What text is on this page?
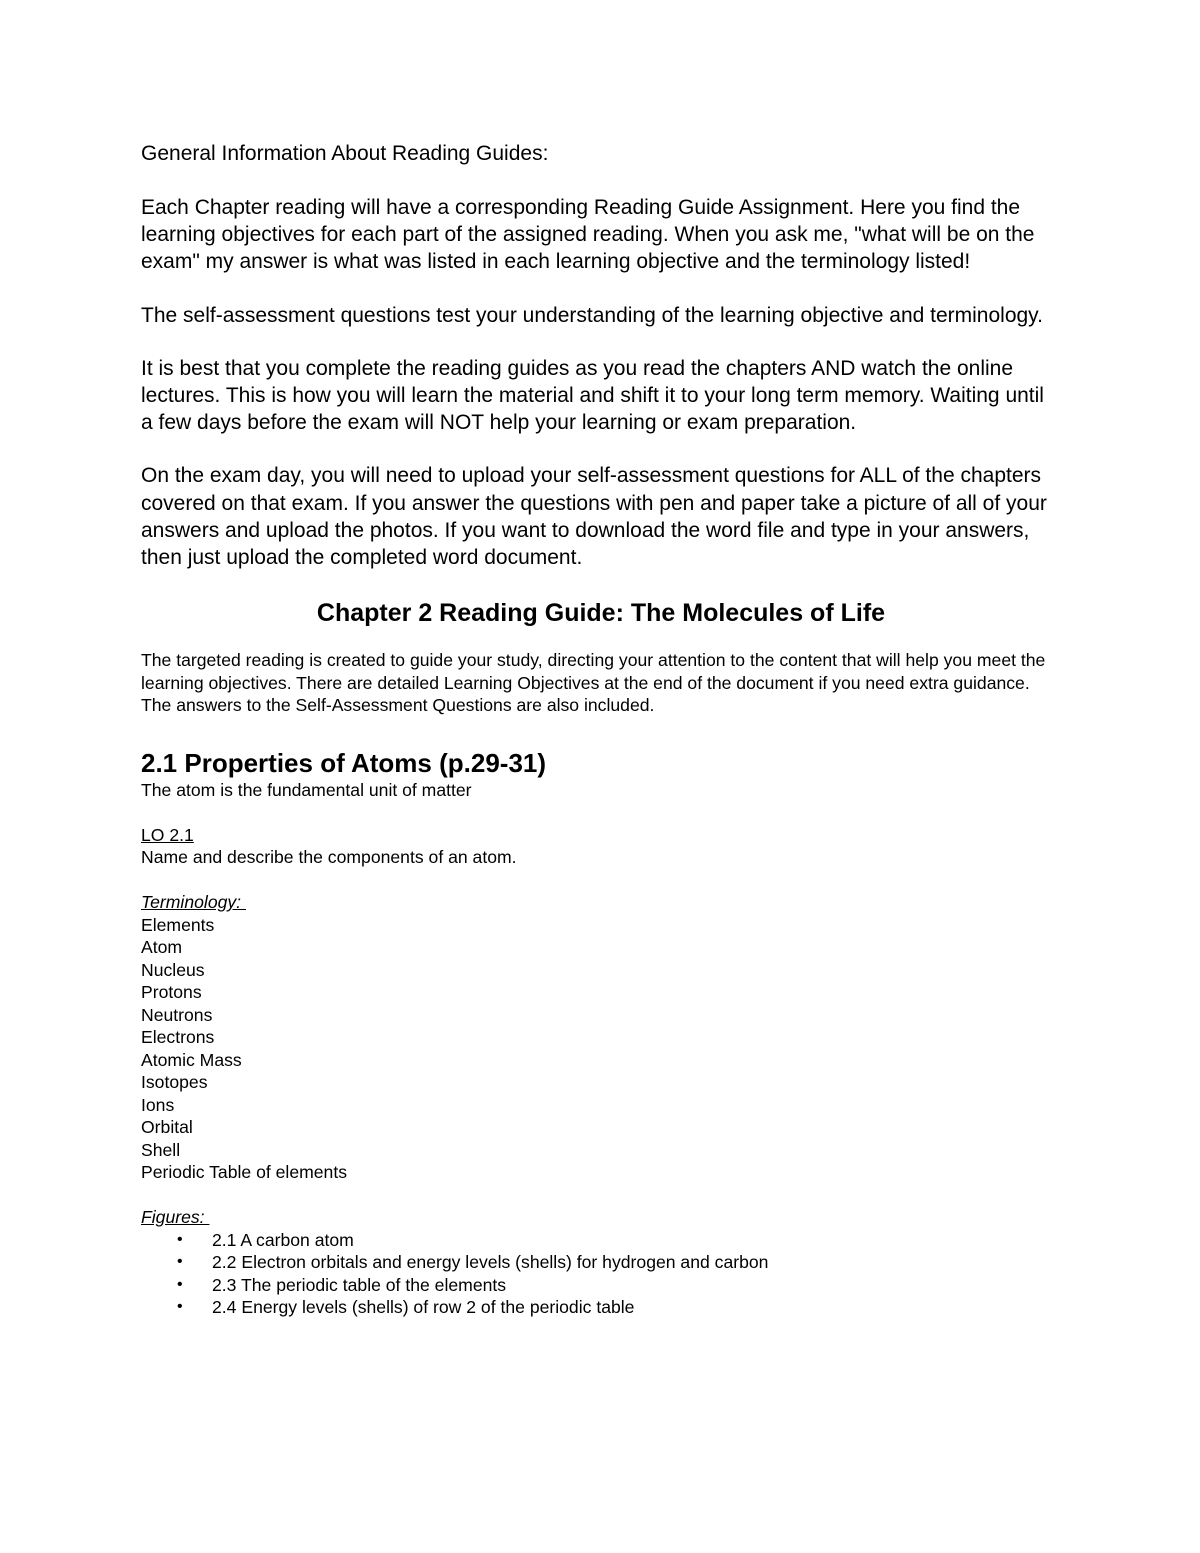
General Information About Reading Guides:

Each Chapter reading will have a corresponding Reading Guide Assignment. Here you find the learning objectives for each part of the assigned reading. When you ask me, "what will be on the exam" my answer is what was listed in each learning objective and the terminology listed!

The self-assessment questions test your understanding of the learning objective and terminology.

It is best that you complete the reading guides as you read the chapters AND watch the online lectures. This is how you will learn the material and shift it to your long term memory. Waiting until a few days before the exam will NOT help your learning or exam preparation.

On the exam day, you will need to upload your self-assessment questions for ALL of the chapters covered on that exam. If you answer the questions with pen and paper take a picture of all of your answers and upload the photos. If you want to download the word file and type in your answers, then just upload the completed word document.

Chapter 2 Reading Guide: The Molecules of Life

The targeted reading is created to guide your study, directing your attention to the content that will help you meet the learning objectives. There are detailed Learning Objectives at the end of the document if you need extra guidance. The answers to the Self-Assessment Questions are also included.

2.1 Properties of Atoms (p.29-31)

The atom is the fundamental unit of matter

LO 2.1

Name and describe the components of an atom.

Terminology:

Elements
Atom
Nucleus
Protons
Neutrons
Electrons
Atomic Mass
Isotopes
Ions
Orbital
Shell
Periodic Table of elements

Figures:

• 2.1 A carbon atom
• 2.2 Electron orbitals and energy levels (shells) for hydrogen and carbon
• 2.3 The periodic table of the elements
• 2.4 Energy levels (shells) of row 2 of the periodic table
